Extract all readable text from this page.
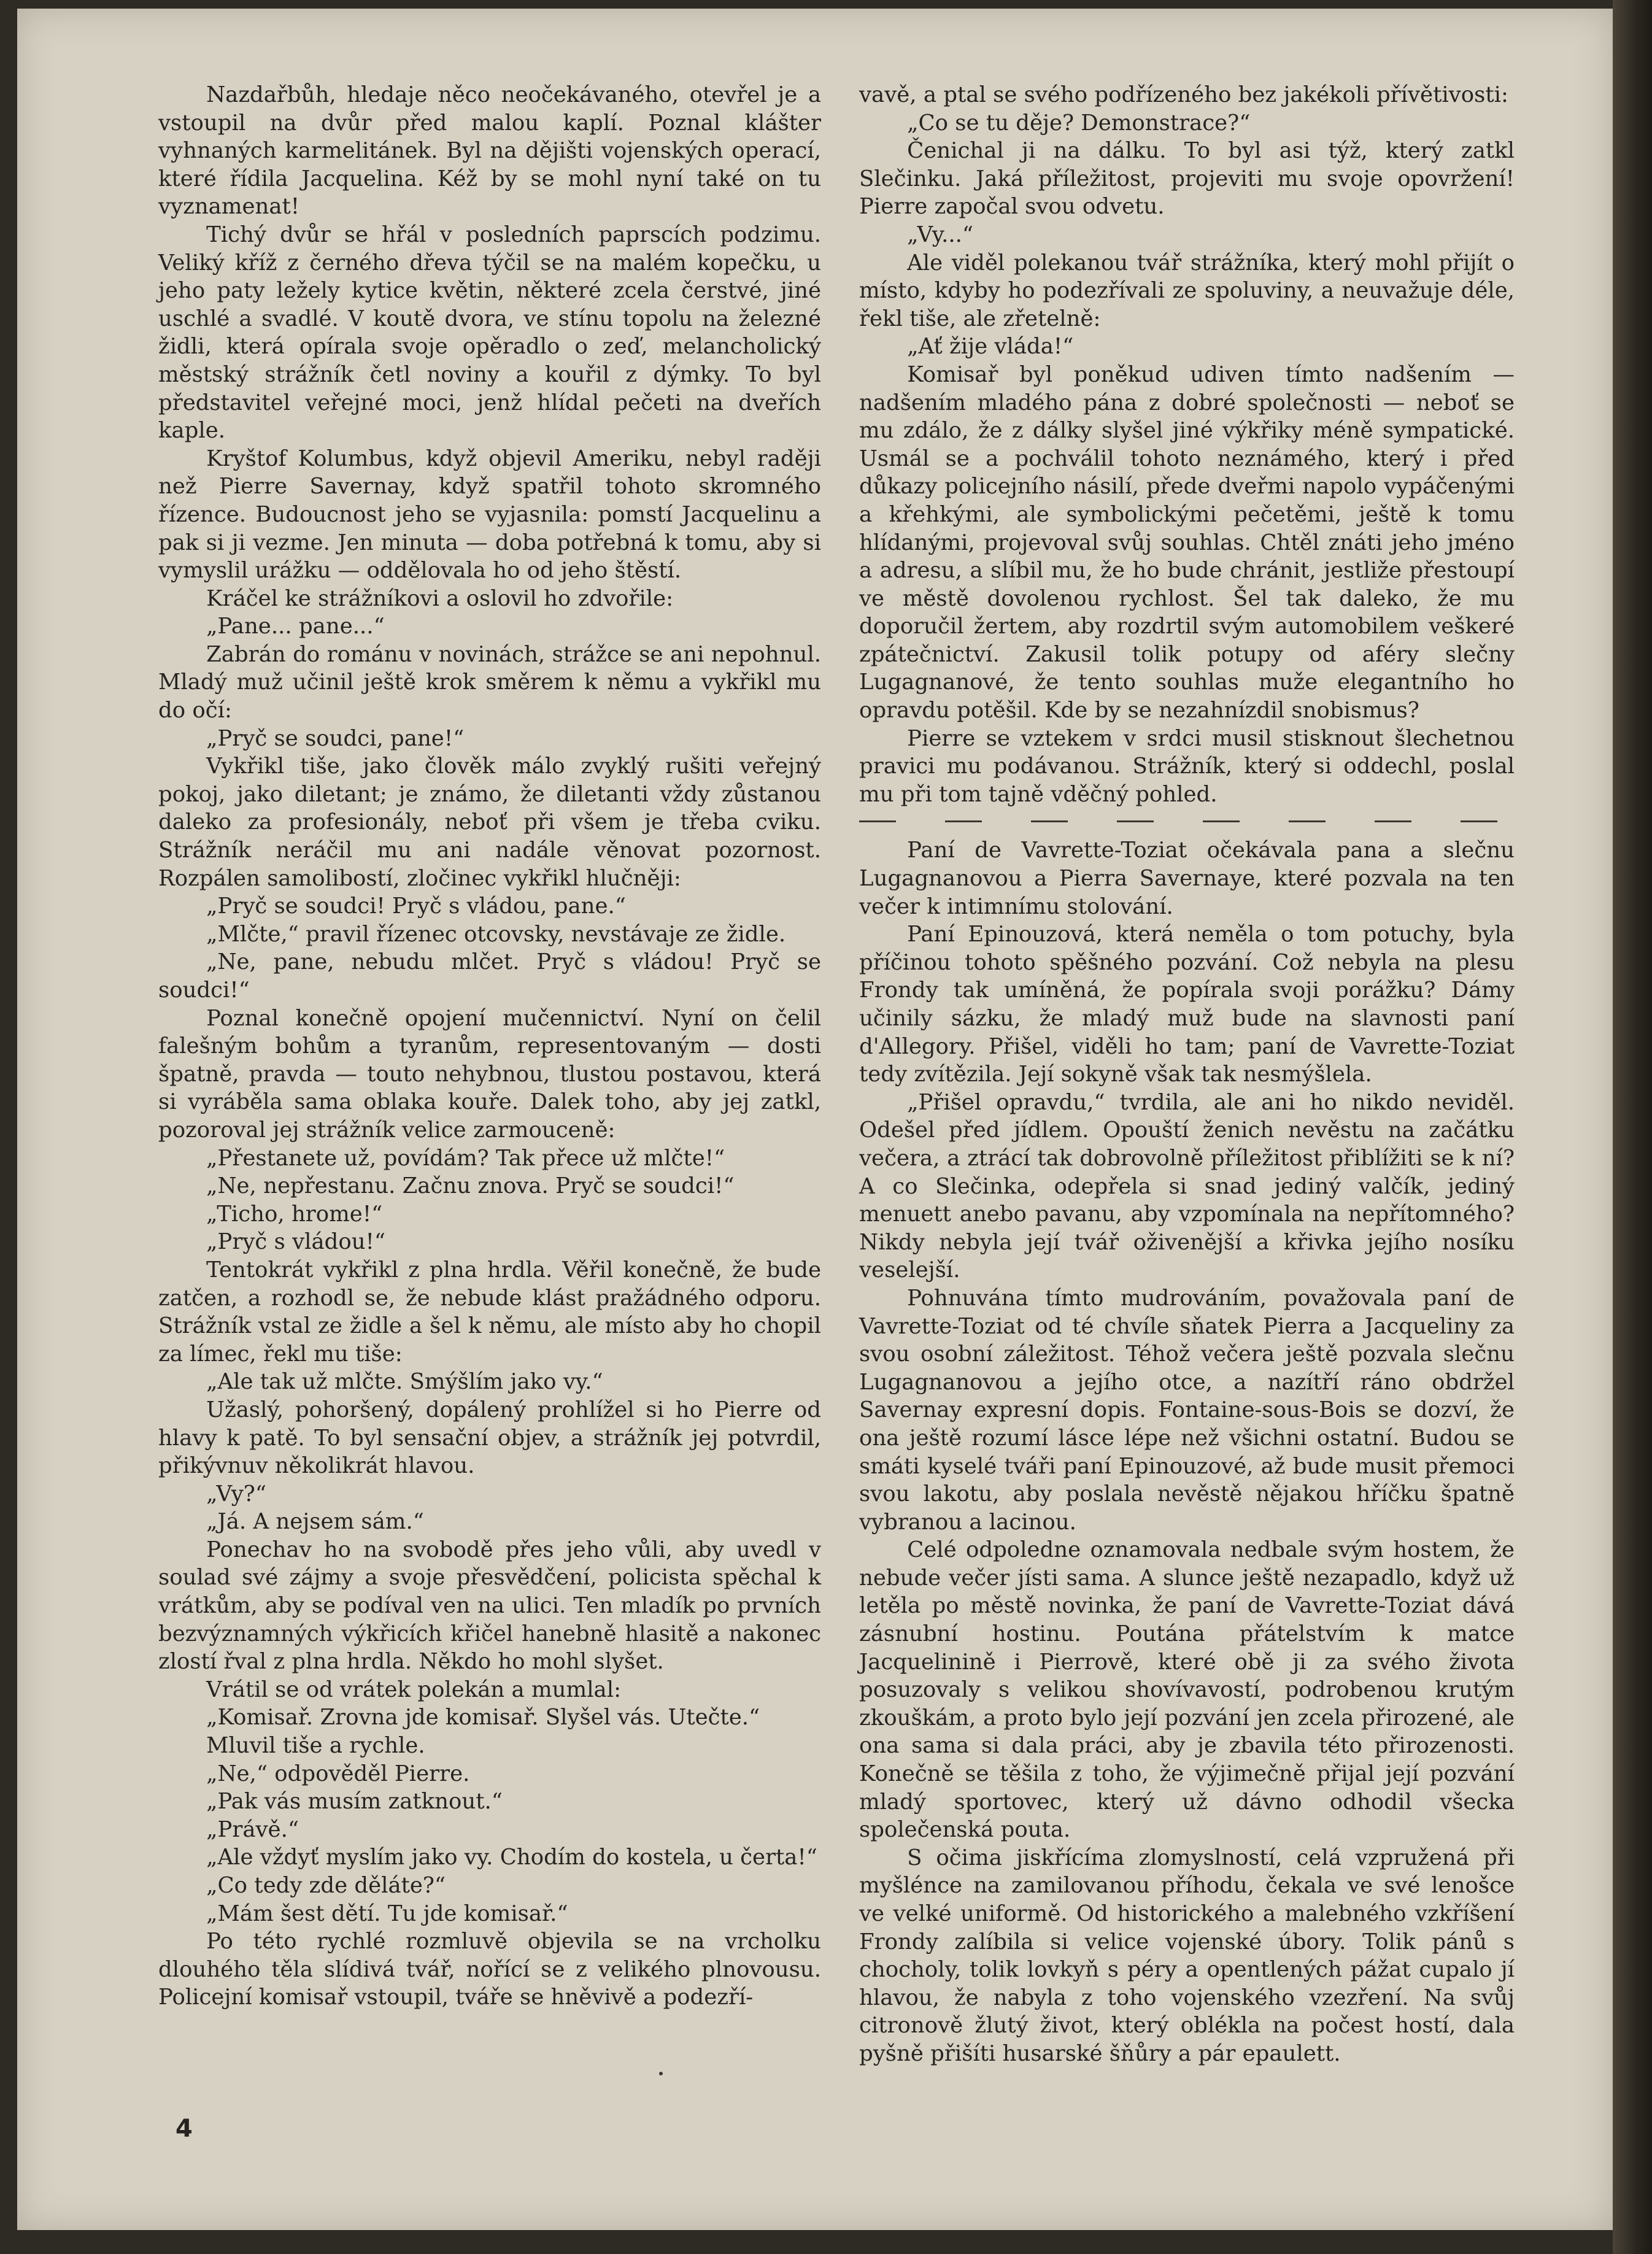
Nazdařbůh, hledaje něco neočekávaného, otevřel je a vstoupil na dvůr před malou kaplí. Poznal klášter vyhnaných karmelitánek. Byl na dějišti vojenských operací, které řídila Jacquelina. Kéž by se mohl nyní také on tu vyznamenat!

Tichý dvůr se hřál v posledních paprscích podzimu. Veliký kříž z černého dřeva týčil se na malém kopečku, u jeho paty ležely kytice květin, některé zcela čerstvé, jiné uschlé a svadlé. V koutě dvora, ve stínu topolu na železné židli, která opírala svoje opěradlo o zeď, melancholický městský strážník četl noviny a kouřil z dýmky. To byl představitel veřejné moci, jenž hlídal pečeti na dveřích kaple.

Kryštof Kolumbus, když objevil Ameriku, nebyl raději než Pierre Savernay, když spatřil tohoto skromného řízence. Budoucnost jeho se vyjasnila: pomstí Jacquelinu a pak si ji vezme. Jen minuta — doba potřebná k tomu, aby si vymyslil urážku — oddělovala ho od jeho štěstí.

Kráčel ke strážníkovi a oslovil ho zdvořile:

„Pane... pane...“

Zabrán do románu v novinách, strážce se ani nepohnul. Mladý muž učinil ještě krok směrem k němu a vykřikl mu do očí:

„Pryč se soudci, pane!“

Vykřikl tiše, jako člověk málo zvyklý rušiti veřejný pokoj, jako diletant; je známo, že diletanti vždy zůstanou daleko za profesionály, neboť při všem je třeba cviku. Strážník neráčil mu ani nadále věnovat pozornost. Rozpálen samolibostí, zločinec vykřikl hlučněji:

„Pryč se soudci! Pryč s vládou, pane.“

„Mlčte,“ pravil řízenec otcovsky, nevstávaje ze židle.

„Ne, pane, nebudu mlčet. Pryč s vládou! Pryč se soudci!“

Poznal konečně opojení mučennictví. Nyní on čelil falešným bohům a tyranům, representovaným — dosti špatně, pravda — touto nehybnou, tlustou postavou, která si vyráběla sama oblaka kouře. Dalek toho, aby jej zatkl, pozoroval jej strážník velice zarmouceně:

„Přestanete už, povídám? Tak přece už mlčte!“

„Ne, nepřestanu. Začnu znova. Pryč se soudci!“

„Ticho, hrome!“

„Pryč s vládou!“

Tentokrát vykřikl z plna hrdla. Věřil konečně, že bude zatčen, a rozhodl se, že nebude klást pražádného odporu. Strážník vstal ze židle a šel k němu, ale místo aby ho chopil za límec, řekl mu tiše:

„Ale tak už mlčte. Smýšlím jako vy.“

Užaslý, pohoršený, dopálený prohlížel si ho Pierre od hlavy k patě. To byl sensační objev, a strážník jej potvrdil, přikývnuv několikrát hlavou.

„Vy?“

„Já. A nejsem sám.“

Ponechav ho na svobodě přes jeho vůli, aby uvedl v soulad své zájmy a svoje přesvědčení, policista spěchal k vrátkům, aby se podíval ven na ulici. Ten mladík po prvních bezvýznamných výkřicích křičel hanebně hlasitě a nakonec zlostí řval z plna hrdla. Někdo ho mohl slyšet.

Vrátil se od vrátek polekán a mumlal:

„Komisař. Zrovna jde komisař. Slyšel vás. Utečte.“

Mluvil tiše a rychle.

„Ne,“ odpověděl Pierre.

„Pak vás musím zatknout.“

„Právě.“

„Ale vždyť myslím jako vy. Chodím do kostela, u čerta!“

„Co tedy zde děláte?“

„Mám šest dětí. Tu jde komisař.“

Po této rychlé rozmluvě objevila se na vrcholku dlouhého těla slídivá tvář, nořící se z velikého plnovousu. Policejní komisař vstoupil, tváře se hněvivě a podezří-

vavě, a ptal se svého podřízeného bez jakékoli přívětivosti:

„Co se tu děje? Demonstrace?“

Čenichal ji na dálku. To byl asi týž, který zatkl Slečinku. Jaká příležitost, projeviti mu svoje opovržení! Pierre započal svou odvetu.

„Vy...“

Ale viděl polekanou tvář strážníka, který mohl přijít o místo, kdyby ho podezřívali ze spoluviny, a neuvažuje déle, řekl tiše, ale zřetelně:

„Ať žije vláda!“

Komisař byl poněkud udiven tímto nadšením — nadšením mladého pána z dobré společnosti — neboť se mu zdálo, že z dálky slyšel jiné výkřiky méně sympatické. Usmál se a pochválil tohoto neznámého, který i před důkazy policejního násilí, přede dveřmi napolo vypáčenými a křehkými, ale symbolickými pečetěmi, ještě k tomu hlídanými, projevoval svůj souhlas. Chtěl znáti jeho jméno a adresu, a slíbil mu, že ho bude chránit, jestliže přestoupí ve městě dovolenou rychlost. Šel tak daleko, že mu doporučil žertem, aby rozdrtil svým automobilem veškeré zpátečnictví. Zakusil tolik potupy od aféry slečny Lugagnanové, že tento souhlas muže elegantního ho opravdu potěšil. Kde by se nezahnízdil snobismus?

Pierre se vztekem v srdci musil stisknout šlechetnou pravici mu podávanou. Strážník, který si oddechl, poslal mu při tom tajně vděčný pohled.

Paní de Vavrette-Toziat očekávala pana a slečnu Lugagnanovou a Pierra Savernaye, které pozvala na ten večer k intimnímu stolování.

Paní Epinouzová, která neměla o tom potuchy, byla příčinou tohoto spěšného pozvání. Což nebyla na plesu Frondy tak umíněná, že popírala svoji porážku? Dámy učinily sázku, že mladý muž bude na slavnosti paní d'Allegory. Přišel, viděli ho tam; paní de Vavrette-Toziat tedy zvítězila. Její sokyně však tak nesmýšlela.

„Přišel opravdu,“ tvrdila, ale ani ho nikdo neviděl. Odešel před jídlem. Opouští ženich nevěstu na začátku večera, a ztrácí tak dobrovolně příležitost přiblížiti se k ní? A co Slečinka, odepřela si snad jediný valčík, jediný menuett anebo pavanu, aby vzpomínala na nepřítomného? Nikdy nebyla její tvář oživenější a křivka jejího nosíku veselejší.

Pohnuvána tímto mudrováním, považovala paní de Vavrette-Toziat od té chvíle sňatek Pierra a Jacqueliny za svou osobní záležitost. Téhož večera ještě pozvala slečnu Lugagnanovou a jejího otce, a nazítří ráno obdržel Savernay expresní dopis. Fontaine-sous-Bois se dozví, že ona ještě rozumí lásce lépe než všichni ostatní. Budou se smáti kyselé tváři paní Epinouzové, až bude musit přemoci svou lakotu, aby poslala nevěstě nějakou hříčku špatně vybranou a lacinou.

Celé odpoledne oznamovala nedbale svým hostem, že nebude večer jísti sama. A slunce ještě nezapadlo, když už letěla po městě novinka, že paní de Vavrette-Toziat dává zásnubní hostinu. Poutána přátelstvím k matce Jacquelinině i Pierrově, které obě ji za svého života posuzovaly s velikou shovívavostí, podrobenou krutým zkouškám, a proto bylo její pozvání jen zcela přirozené, ale ona sama si dala práci, aby je zbavila této přirozenosti. Konečně se těšila z toho, že výjimečně přijal její pozvání mladý sportovec, který už dávno odhodil všecka společenská pouta.

S očima jiskřícíma zlomyslností, celá vzpružená při myšlénce na zamilovanou příhodu, čekala ve své lenošce ve velké uniformě. Od historického a malebného vzkříšení Frondy zalíbila si velice vojenské úbory. Tolik pánů s chocholy, tolik lovkyň s péry a opentlených pážat cupalo jí hlavou, že nabyla z toho vojenského vzezření. Na svůj citronově žlutý život, který oblékla na počest hostí, dala pyšně přišíti husarské šňůry a pár epaulett.

4
